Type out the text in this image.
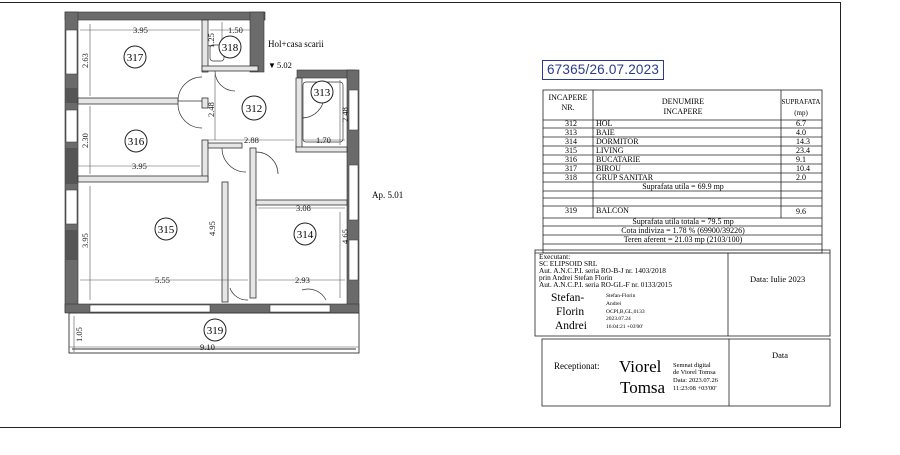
317
318
312
313
316
315	314
319
3.95	1.50
1.25
2.63
2.48	2.48
2.30
3.95
2.88	1.70
3.08
3.95
4.95
4.65
5.55	2.93
1.05
9.10
Hol+casa scarii
▼ 5.02
Ap. 5.01
INCAPERE
NR.
DENUMIRE
INCAPERE
SUPRAFATA
(mp)
312 HOL	6.7
313 BAIE	4.0
314 DORMITOR	14.3
315 LIVING	23.4
316 BUCATARIE	9.1
317 BIROU	10.4
318 GRUP SANITAR	2.0
Suprafata utila = 69.9 mp
319 BALCON	9.6
Suprafata utila totala = 79.5 mp
Cota indiviza = 1.78 % (69900/39226)
Teren aferent = 21.03 mp (2103/100)
Executant:
SC ELIPSOID SRL
Aut. A.N.C.P.I. seria RO-B-J nr. 1403/2018
prin Andrei Stefan Florin
Aut. A.N.C.P.I. seria RO-GL-F nr. 0133/2015
Stefan-
Florin
Andrei
Stefan-Florin
Andrei
OCPI,B,GL,0133
2023.07.24
16:04:21 +03'00'
Data: Iulie 2023
Receptionat: Viorel
Tomsa
Semnat digital
de Viorel Tomsa
Data: 2023.07.26
11:23:08 +03'00'
Data
67365/26.07.2023
